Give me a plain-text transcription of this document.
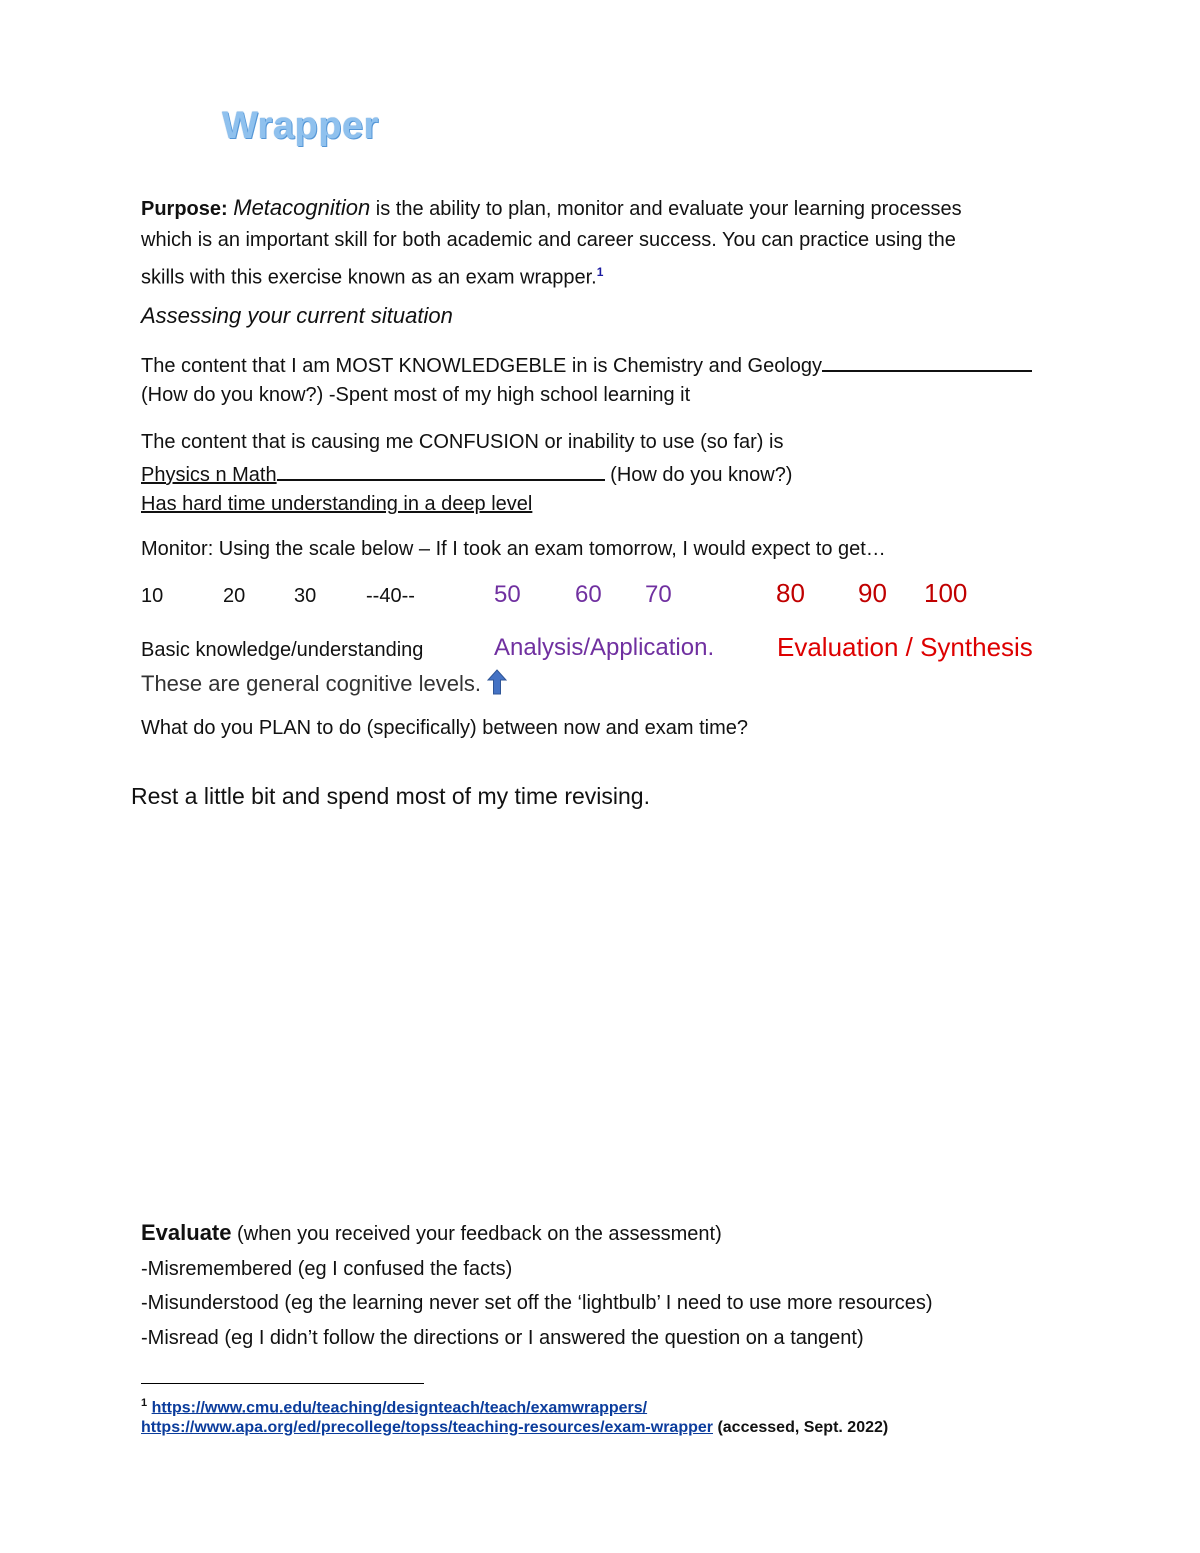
Wrapper
Purpose: Metacognition is the ability to plan, monitor and evaluate your learning processes
which is an important skill for both academic and career success. You can practice using the
skills with this exercise known as an exam wrapper.$^1$
Assessing your current situation
The content that I am MOST KNOWLEDGEBLE in is Chemistry and Geology
(How do you know?) -Spent most of my high school learning it
The content that is causing me CONFUSION or inability to use (so far) is
Physics n Math	(How do you know?)
Has hard time understanding in a deep level
Monitor: Using the scale below – If I took an exam tomorrow, I would expect to get…
10	20 30 --40--	50 60 70	80 90 100
Basic knowledge/understanding	Analysis/Application. Evaluation / Synthesis
These are general cognitive levels.
What do you PLAN to do (specifically) between now and exam time?
Rest a little bit and spend most of my time revising.
Evaluate (when you received your feedback on the assessment)
-Misremembered (eg I confused the facts)
-Misunderstood (eg the learning never set off the ‘lightbulb’ I need to use more resources)
-Misread (eg I didn’t follow the directions or I answered the question on a tangent)
$^1$ https://www.cmu.edu/teaching/designteach/teach/examwrappers/
https://www.apa.org/ed/precollege/topss/teaching-resources/exam-wrapper (accessed, Sept. 2022)
